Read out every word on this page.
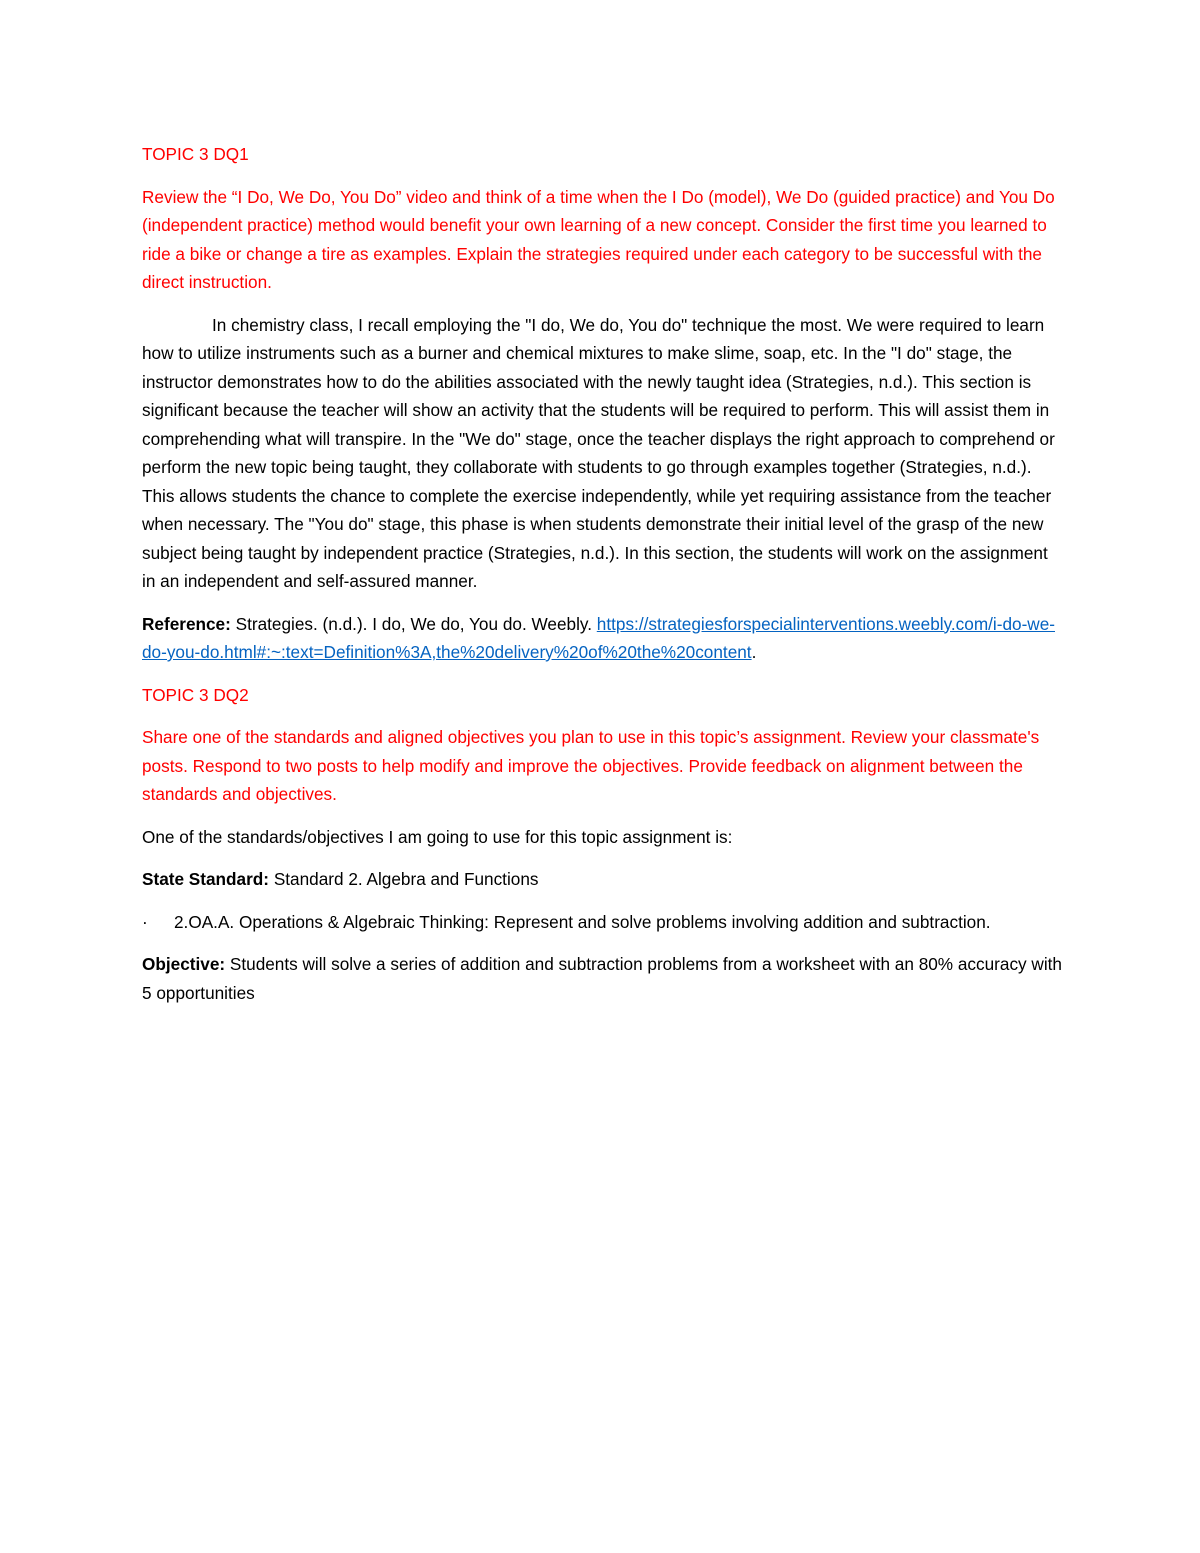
TOPIC 3 DQ1

Review the “I Do, We Do, You Do” video and think of a time when the I Do (model), We Do (guided practice) and You Do (independent practice) method would benefit your own learning of a new concept. Consider the first time you learned to ride a bike or change a tire as examples. Explain the strategies required under each category to be successful with the direct instruction.

In chemistry class, I recall employing the "I do, We do, You do" technique the most. We were required to learn how to utilize instruments such as a burner and chemical mixtures to make slime, soap, etc. In the "I do" stage, the instructor demonstrates how to do the abilities associated with the newly taught idea (Strategies, n.d.). This section is significant because the teacher will show an activity that the students will be required to perform. This will assist them in comprehending what will transpire. In the "We do" stage, once the teacher displays the right approach to comprehend or perform the new topic being taught, they collaborate with students to go through examples together (Strategies, n.d.). This allows students the chance to complete the exercise independently, while yet requiring assistance from the teacher when necessary. The "You do" stage, this phase is when students demonstrate their initial level of the grasp of the new subject being taught by independent practice (Strategies, n.d.). In this section, the students will work on the assignment in an independent and self-assured manner.

Reference: Strategies. (n.d.). I do, We do, You do. Weebly. https://strategiesforspecialinterventions.weebly.com/i-do-we-do-you-do.html#:~:text=Definition%3A,the%20delivery%20of%20the%20content.

TOPIC 3 DQ2

Share one of the standards and aligned objectives you plan to use in this topic’s assignment. Review your classmate's posts. Respond to two posts to help modify and improve the objectives. Provide feedback on alignment between the standards and objectives.

One of the standards/objectives I am going to use for this topic assignment is:

State Standard: Standard 2. Algebra and Functions

· 2.OA.A. Operations & Algebraic Thinking: Represent and solve problems involving addition and subtraction.

Objective: Students will solve a series of addition and subtraction problems from a worksheet with an 80% accuracy with 5 opportunities
